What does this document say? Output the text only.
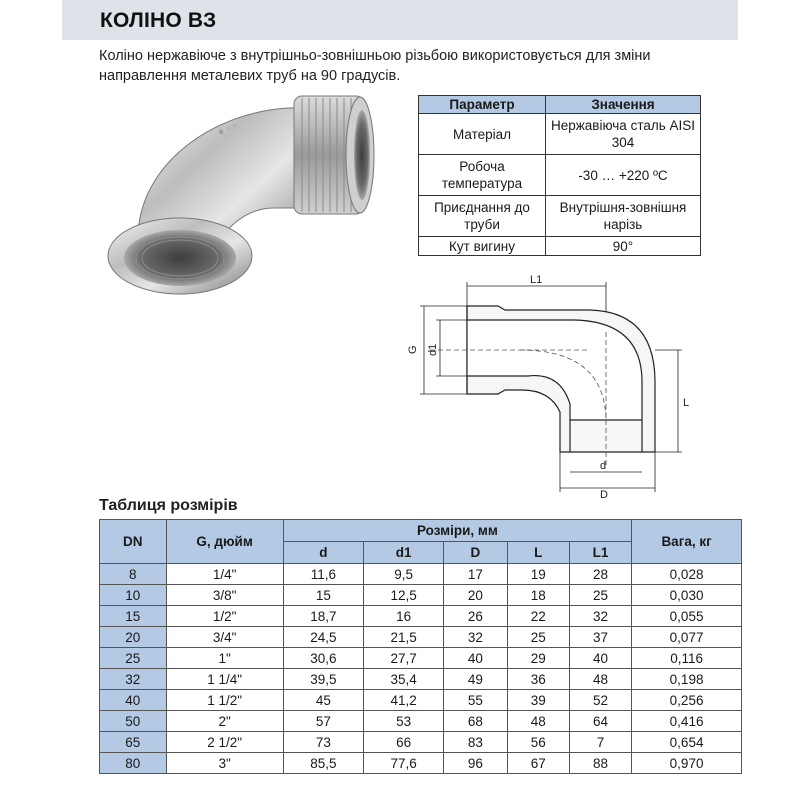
КОЛІНО ВЗ
Коліно нержавіюче з внутрішньо-зовнішньою різьбою використовується для зміни направлення металевих труб на 90 градусів.
♦ ▫ ▫
Параметр	Значення
Матеріал	Нержавіюча сталь AISI 304
Робоча температура	-30 … +220 ºС
Приєднання до труби	Внутрішня-зовнішня нарізь
Кут вигину	90°
L1
G d1
L
d
D
Таблиця розмірів
DN	G, дюйм	Розміри, мм					Вага, кг
		d	d1	D	L	L1	
8	1/4"	11,6	9,5	17	19	28	0,028
10	3/8"	15	12,5	20	18	25	0,030
15	1/2"	18,7	16	26	22	32	0,055
20	3/4"	24,5	21,5	32	25	37	0,077
25	1"	30,6	27,7	40	29	40	0,116
32	1 1/4"	39,5	35,4	49	36	48	0,198
40	1 1/2"	45	41,2	55	39	52	0,256
50	2"	57	53	68	48	64	0,416
65	2 1/2"	73	66	83	56	7	0,654
80	3"	85,5	77,6	96	67	88	0,970
